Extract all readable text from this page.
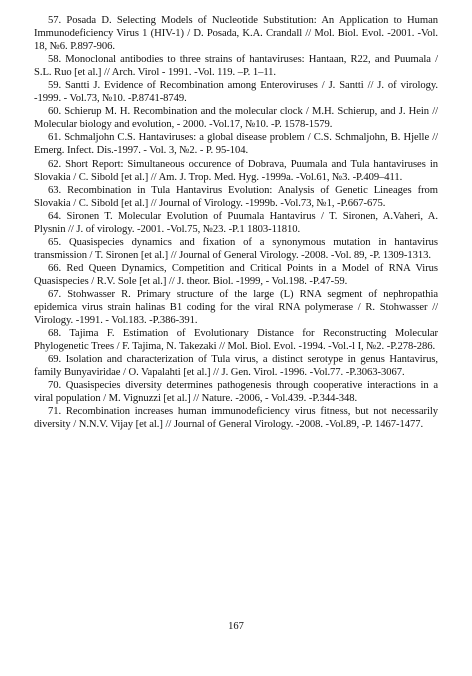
57. Posada D. Selecting Models of Nucleotide Substitution: An Application to Human Immunodeficiency Virus 1 (HIV-1) / D. Posada, K.A. Crandall // Mol. Biol. Evol. -2001. -Vol. 18, №6. P.897-906.

58. Monoclonal antibodies to three strains of hantaviruses: Hantaan, R22, and Puumala / S.L. Ruo [et al.] // Arch. Virol - 1991. -Vol. 119. –P. 1–11.

59. Santti J. Evidence of Recombination among Enteroviruses / J. Santti // J. of virology. -1999. - Vol.73, №10. -P.8741-8749.

60. Schierup M. H. Recombination and the molecular clock / M.H. Schierup, and J. Hein // Molecular biology and evolution, - 2000. -Vol.17, №10. -P. 1578-1579.

61. Schmaljohn C.S. Hantaviruses: a global disease problem / C.S. Schmaljohn, B. Hjelle // Emerg. Infect. Dis.-1997. - Vol. 3, №2. - P. 95-104.

62. Short Report: Simultaneous occurence of Dobrava, Puumala and Tula hantaviruses in Slovakia / C. Sibold [et al.] // Am. J. Trop. Med. Hyg. -1999a. -Vol.61, №3. -P.409–411.

63. Recombination in Tula Hantavirus Evolution: Analysis of Genetic Lineages from Slovakia / C. Sibold [et al.] // Journal of Virology. -1999b. -Vol.73, №1, -P.667-675.

64. Sironen T. Molecular Evolution of Puumala Hantavirus / T. Sironen, A.Vaheri, A. Plysnin // J. of virology. -2001. -Vol.75, №23. -P.1 1803-11810.

65. Quasispecies dynamics and fixation of a synonymous mutation in hantavirus transmission / T. Sironen [et al.] // Journal of General Virology. -2008. -Vol. 89, -P. 1309-1313.

66. Red Queen Dynamics, Competition and Critical Points in a Model of RNA Virus Quasispecies / R.V. Sole [et al.] // J. theor. Biol. -1999, - Vol.198. -P.47-59.

67. Stohwasser R. Primary structure of the large (L) RNA segment of nephropathia epidemica virus strain halinas B1 coding for the viral RNA polymerase / R. Stohwasser // Virology. -1991. - Vol.183. -P.386-391.

68. Tajima F. Estimation of Evolutionary Distance for Reconstructing Molecular Phylogenetic Trees / F. Tajima, N. Takezaki // Mol. Biol. Evol. -1994. -Vol.-l I, №2. -P.278-286.

69. Isolation and characterization of Tula virus, a distinct serotype in genus Hantavirus, family Bunyaviridae / O. Vapalahti [et al.] // J. Gen. Virol. -1996. -Vol.77. -P.3063-3067.

70. Quasispecies diversity determines pathogenesis through cooperative interactions in a viral population / M. Vignuzzi [et al.] // Nature. -2006, - Vol.439. -P.344-348.

71. Recombination increases human immunodeficiency virus fitness, but not necessarily diversity / N.N.V. Vijay [et al.] // Journal of General Virology. -2008. -Vol.89, -P. 1467-1477.

167
